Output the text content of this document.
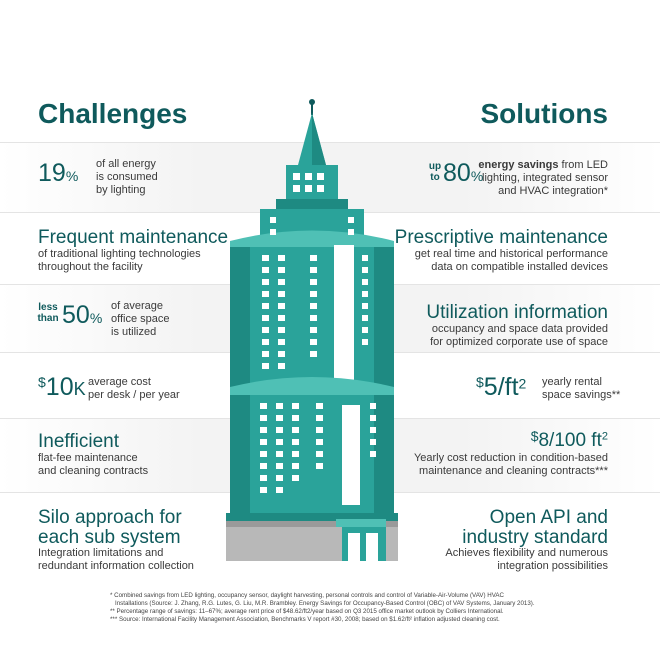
Challenges	Solutions
19%
of all energy
is consumed
by lighting
Frequent maintenance
of traditional lighting technologies
throughout the facility
less
than 50%
of average
office space
is utilized
$10K average cost
per desk / per year
Inefficient
flat-fee maintenance
and cleaning contracts
Silo approach for
each sub system
Integration limitations and
redundant information collection
up
to 80%
energy savings from LED
lighting, integrated sensor
and HVAC integration*
Prescriptive maintenance
get real time and historical performance
data on compatible installed devices
Utilization information
occupancy and space data provided
for optimized corporate use of space
$\$5/ft^2$ yearly rental
space savings**
$8/100 $ft^2$
Yearly cost reduction in condition-based
maintenance and cleaning contracts***
Open API and
industry standard
Achieves flexibility and numerous
integration possibilities
* Combined savings from LED lighting, occupancy sensor, daylight harvesting, personal controls and control of Variable-Air-Volume (VAV) HVAC
Installations (Source: J. Zhang, R.G. Lutes, G. Liu, M.R. Brambley. Energy Savings for Occupancy-Based Control (OBC) of VAV Systems, January 2013).
** Percentage range of savings: 11–67%; average rent price of $48.62/ft2/year based on Q3 2015 office market outlook by Colliers International.
*** Source: International Facility Management Association, Benchmarks V report #30, 2008; based on $1.62/ft² inflation adjusted cleaning cost.
